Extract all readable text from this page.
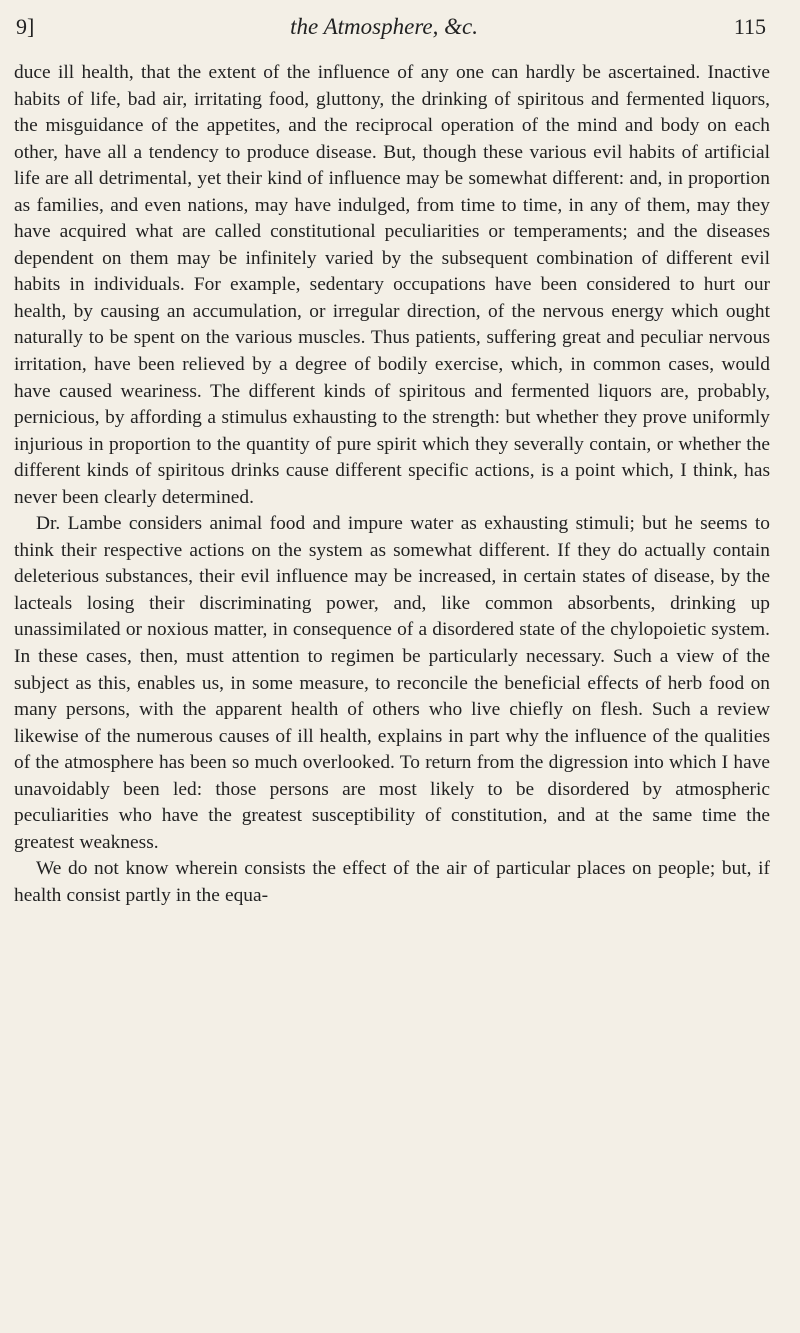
9]	the Atmosphere, &c.	115

duce ill health, that the extent of the influence of any one can hardly be ascertained. Inactive habits of life, bad air, irritating food, gluttony, the drinking of spiritous and fermented liquors, the misguidance of the appetites, and the reciprocal operation of the mind and body on each other, have all a tendency to produce disease. But, though these various evil habits of artificial life are all detrimental, yet their kind of influence may be somewhat different: and, in proportion as families, and even nations, may have indulged, from time to time, in any of them, may they have acquired what are called constitutional peculiarities or temperaments; and the diseases dependent on them may be infinitely varied by the subsequent combination of different evil habits in individuals. For example, sedentary occupations have been considered to hurt our health, by causing an accumulation, or irregular direction, of the nervous energy which ought naturally to be spent on the various muscles. Thus patients, suffering great and peculiar nervous irritation, have been relieved by a degree of bodily exercise, which, in common cases, would have caused weariness. The different kinds of spiritous and fermented liquors are, probably, pernicious, by affording a stimulus exhausting to the strength: but whether they prove uniformly injurious in proportion to the quantity of pure spirit which they severally contain, or whether the different kinds of spiritous drinks cause different specific actions, is a point which, I think, has never been clearly determined.

Dr. Lambe considers animal food and impure water as exhausting stimuli; but he seems to think their respective actions on the system as somewhat different. If they do actually contain deleterious substances, their evil influence may be increased, in certain states of disease, by the lacteals losing their discriminating power, and, like common absorbents, drinking up unassimilated or noxious matter, in consequence of a disordered state of the chylopoietic system. In these cases, then, must attention to regimen be particularly necessary. Such a view of the subject as this, enables us, in some measure, to reconcile the beneficial effects of herb food on many persons, with the apparent health of others who live chiefly on flesh. Such a review likewise of the numerous causes of ill health, explains in part why the influence of the qualities of the atmosphere has been so much overlooked. To return from the digression into which I have unavoidably been led: those persons are most likely to be disordered by atmospheric peculiarities who have the greatest susceptibility of constitution, and at the same time the greatest weakness.

We do not know wherein consists the effect of the air of particular places on people; but, if health consist partly in the equa-
